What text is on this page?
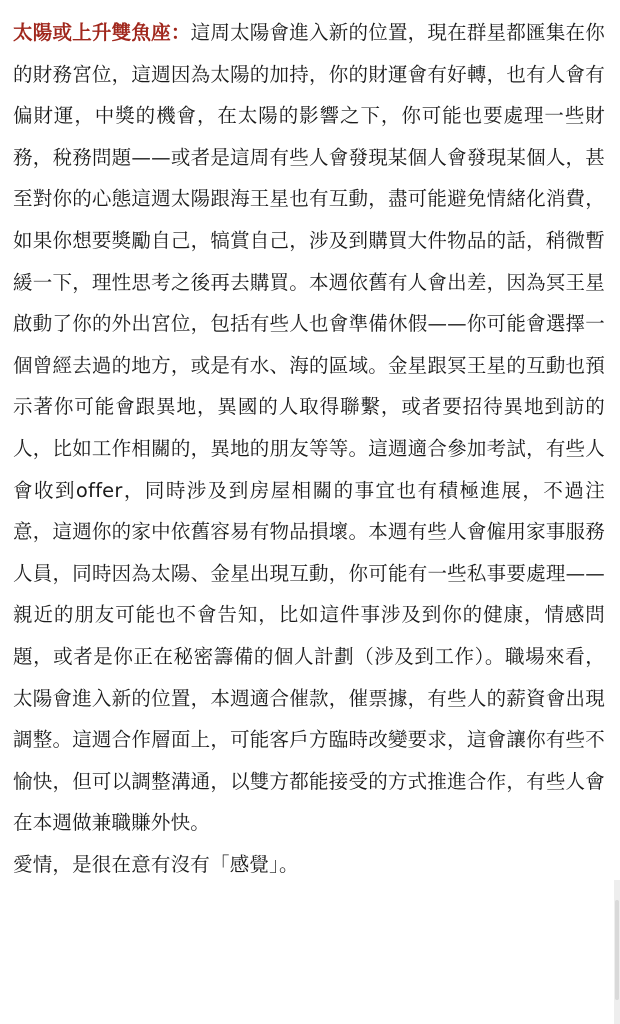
太陽或上升雙魚座：這周太陽會進入新的位置，現在群星都匯集在你的財務宮位，這週因為太陽的加持，你的財運會有好轉，也有人會有偏財運，中獎的機會，在太陽的影響之下，你可能也要處理一些財務，稅務問題——或者是這周有些人會發現某個人會發現某個人，甚至對你的心態這週太陽跟海王星也有互動，盡可能避免情緒化消費，如果你想要獎勵自己，犒賞自己，涉及到購買大件物品的話，稍微暫緩一下，理性思考之後再去購買。本週依舊有人會出差，因為冥王星啟動了你的外出宮位，包括有些人也會準備休假——你可能會選擇一個曾經去過的地方，或是有水、海的區域。金星跟冥王星的互動也預示著你可能會跟異地，異國的人取得聯繫，或者要招待異地到訪的人，比如工作相關的，異地的朋友等等。這週適合參加考試，有些人會收到offer，同時涉及到房屋相關的事宜也有積極進展，不過注意，這週你的家中依舊容易有物品損壞。本週有些人會僱用家事服務人員，同時因為太陽、金星出現互動，你可能有一些私事要處理——親近的朋友可能也不會告知，比如這件事涉及到你的健康，情感問題，或者是你正在秘密籌備的個人計劃（涉及到工作）。職場來看，太陽會進入新的位置，本週適合催款，催票據，有些人的薪資會出現調整。這週合作層面上，可能客戶方臨時改變要求，這會讓你有些不愉快，但可以調整溝通，以雙方都能接受的方式推進合作，有些人會在本週做兼職賺外快。

愛情，是很在意有沒有「感覺」。
